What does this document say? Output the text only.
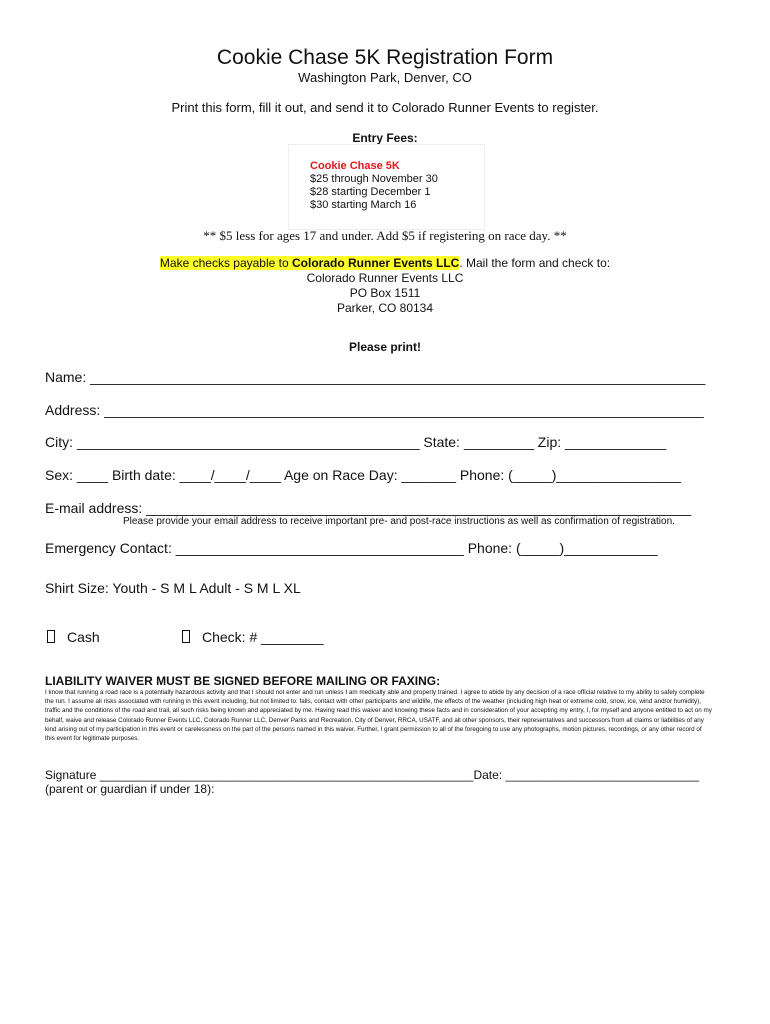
Cookie Chase 5K Registration Form
Washington Park, Denver, CO
Print this form, fill it out, and send it to Colorado Runner Events to register.
Entry Fees:
Cookie Chase 5K
$25 through November 30
$28 starting December 1
$30 starting March 16
** $5 less for ages 17 and under. Add $5 if registering on race day. **
Make checks payable to Colorado Runner Events LLC. Mail the form and check to:
Colorado Runner Events LLC
PO Box 1511
Parker, CO 80134
Please print!
Name: _______________________________________________________________________________
Address: _____________________________________________________________________________
City: ____________________________________________ State: _________ Zip: _____________
Sex: ____ Birth date: ____/____/____ Age on Race Day: _______ Phone: (_____)________________
E-mail address: ______________________________________________________________________
Please provide your email address to receive important pre- and post-race instructions as well as confirmation of registration.
Emergency Contact: _____________________________________ Phone: (_____)____________
Shirt Size: Youth - S M L Adult - S M L XL
Cash	Check: # ________
LIABILITY WAIVER MUST BE SIGNED BEFORE MAILING OR FAXING:
I know that running a road race is a potentially hazardous activity and that I should not enter and run unless I am medically able and properly trained. I agree to abide by any decision of a race official relative to my ability to safely complete
the run. I assume all risks associated with running in this event including, but not limited to: falls, contact with other participants and wildlife, the effects of the weather (including high heat or extreme cold, snow, ice, wind and/or humidity),
traffic and the conditions of the road and trail, all such risks being known and appreciated by me. Having read this waiver and knowing these facts and in consideration of your accepting my entry, I, for myself and anyone entitled to act on my
behalf, waive and release Colorado Runner Events LLC, Colorado Runner LLC, Denver Parks and Recreation, City of Denver, RRCA, USATF, and all other sponsors, their representatives and successors from all claims or liabilities of any
kind arising out of my participation in this event or carelessness on the part of the persons named in this waiver. Further, I grant permission to all of the foregoing to use any photographs, motion pictures, recordings, or any other record of
this event for legitimate purposes.
Signature ________________________________________________________Date: _____________________________
(parent or guardian if under 18):
